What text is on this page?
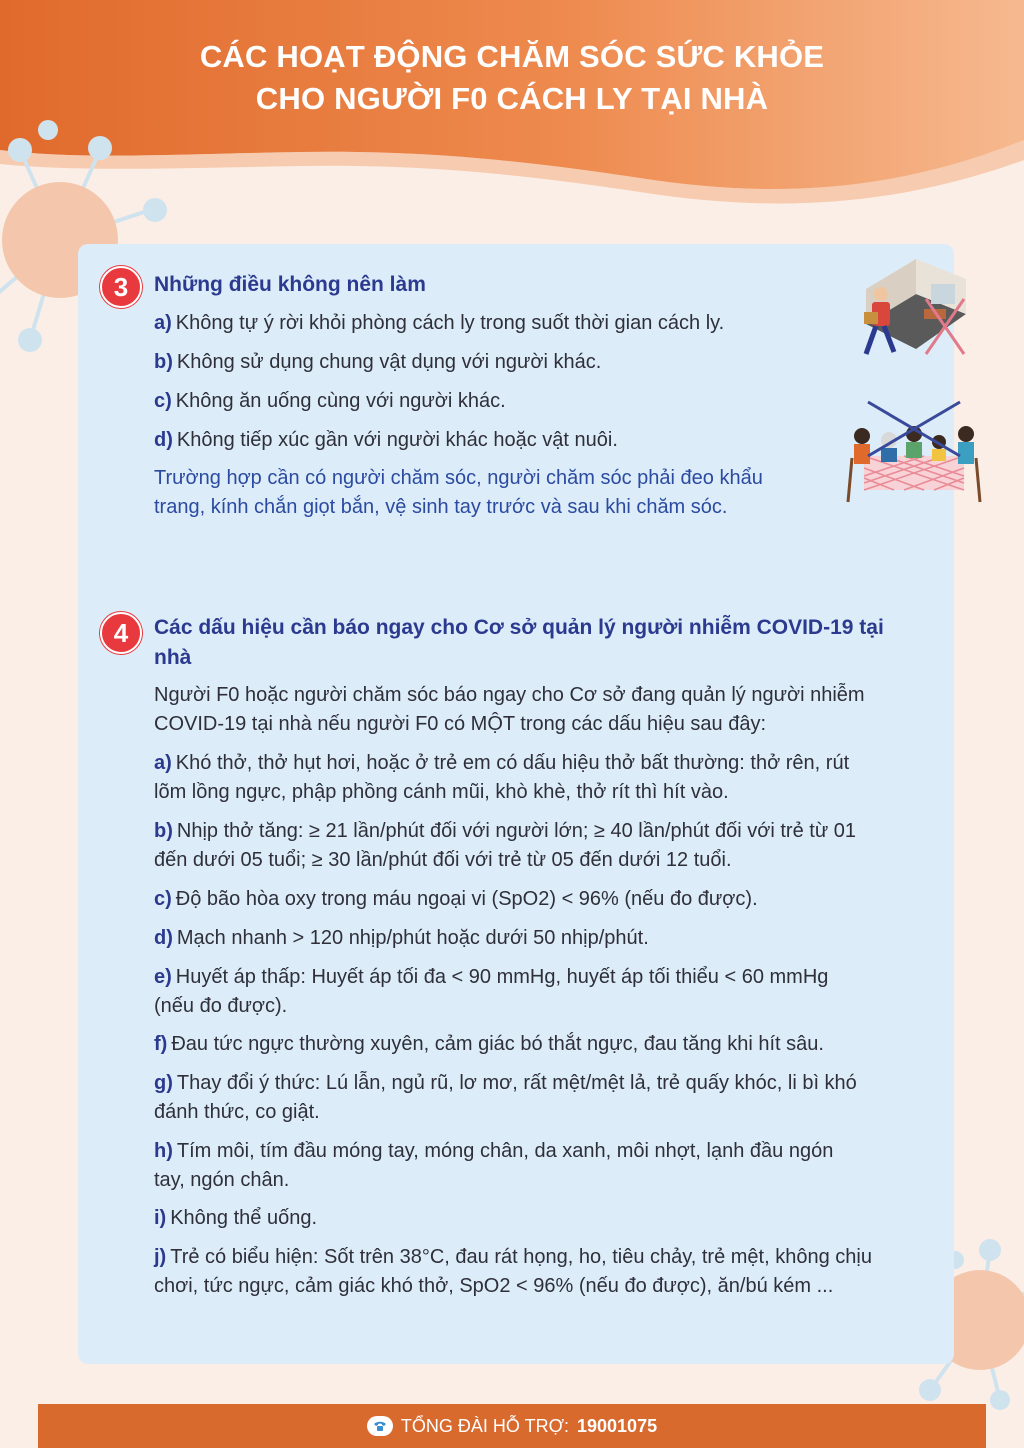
CÁC HOẠT ĐỘNG CHĂM SÓC SỨC KHỎE
CHO NGƯỜI F0 CÁCH LY TẠI NHÀ
3	Những điều không nên làm
a) Không tự ý rời khỏi phòng cách ly trong suốt thời gian cách ly.
b) Không sử dụng chung vật dụng với người khác.
c) Không ăn uống cùng với người khác.
d) Không tiếp xúc gần với người khác hoặc vật nuôi.
Trường hợp cần có người chăm sóc, người chăm sóc phải đeo khẩu
trang, kính chắn giọt bắn, vệ sinh tay trước và sau khi chăm sóc.
4	Các dấu hiệu cần báo ngay cho Cơ sở quản lý người nhiễm COVID-19 tại
nhà
Người F0 hoặc người chăm sóc báo ngay cho Cơ sở đang quản lý người nhiễm
COVID-19 tại nhà nếu người F0 có MỘT trong các dấu hiệu sau đây:
a) Khó thở, thở hụt hơi, hoặc ở trẻ em có dấu hiệu thở bất thường: thở rên, rút
lõm lồng ngực, phập phồng cánh mũi, khò khè, thở rít thì hít vào.
b) Nhịp thở tăng: ≥ 21 lần/phút đối với người lớn; ≥ 40 lần/phút đối với trẻ từ 01
đến dưới 05 tuổi; ≥ 30 lần/phút đối với trẻ từ 05 đến dưới 12 tuổi.
c) Độ bão hòa oxy trong máu ngoại vi (SpO2) < 96% (nếu đo được).
d) Mạch nhanh > 120 nhịp/phút hoặc dưới 50 nhịp/phút.
e) Huyết áp thấp: Huyết áp tối đa < 90 mmHg, huyết áp tối thiểu < 60 mmHg
(nếu đo được).
f) Đau tức ngực thường xuyên, cảm giác bó thắt ngực, đau tăng khi hít sâu.
g) Thay đổi ý thức: Lú lẫn, ngủ rũ, lơ mơ, rất mệt/mệt lả, trẻ quấy khóc, li bì khó
đánh thức, co giật.
h) Tím môi, tím đầu móng tay, móng chân, da xanh, môi nhợt, lạnh đầu ngón
tay, ngón chân.
i) Không thể uống.
j) Trẻ có biểu hiện: Sốt trên 38°C, đau rát họng, ho, tiêu chảy, trẻ mệt, không chịu
chơi, tức ngực, cảm giác khó thở, SpO2 < 96% (nếu đo được), ăn/bú kém ...
TỔNG ĐÀI HỖ TRỢ: 19001075
